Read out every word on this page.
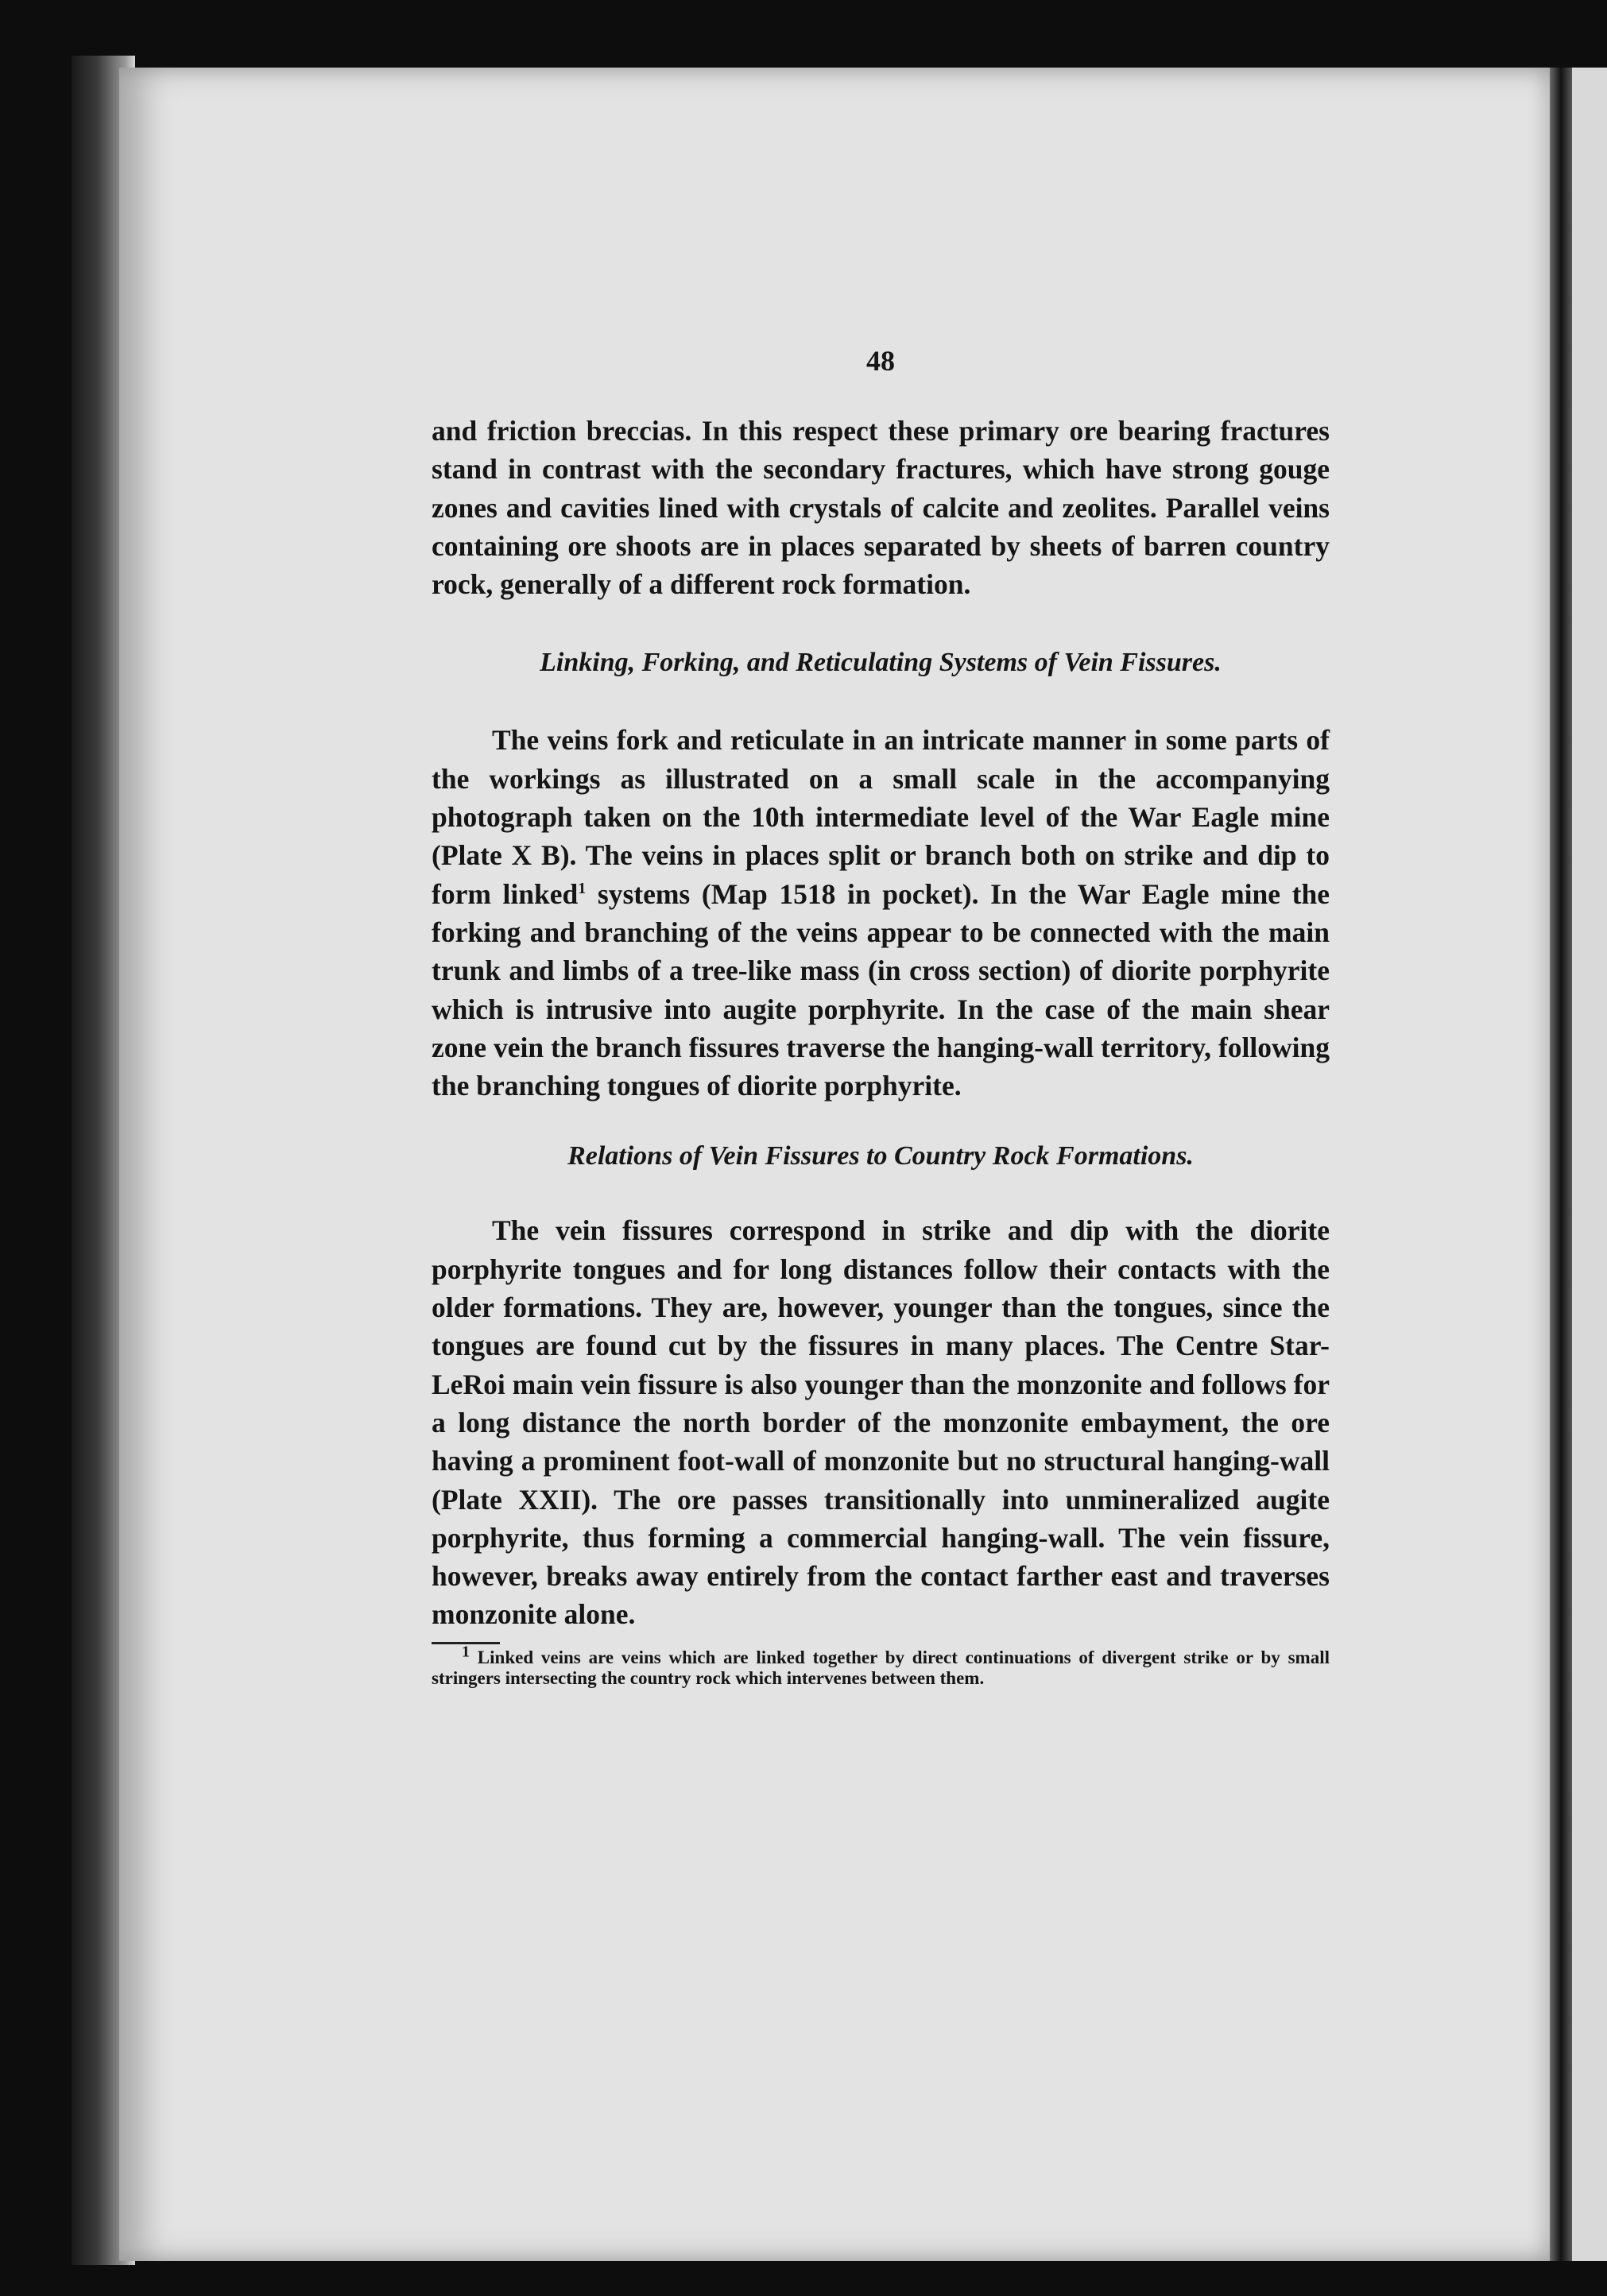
48

and friction breccias. In this respect these primary ore bearing fractures stand in contrast with the secondary fractures, which have strong gouge zones and cavities lined with crystals of calcite and zeolites. Parallel veins containing ore shoots are in places separated by sheets of barren country rock, generally of a different rock formation.

Linking, Forking, and Reticulating Systems of Vein Fissures.

The veins fork and reticulate in an intricate manner in some parts of the workings as illustrated on a small scale in the accompanying photograph taken on the 10th intermediate level of the War Eagle mine (Plate X B). The veins in places split or branch both on strike and dip to form linked$^1$ systems (Map 1518 in pocket). In the War Eagle mine the forking and branching of the veins appear to be connected with the main trunk and limbs of a tree-like mass (in cross section) of diorite porphyrite which is intrusive into augite porphyrite. In the case of the main shear zone vein the branch fissures traverse the hanging-wall territory, following the branching tongues of diorite porphyrite.

Relations of Vein Fissures to Country Rock Formations.

The vein fissures correspond in strike and dip with the diorite porphyrite tongues and for long distances follow their contacts with the older formations. They are, however, younger than the tongues, since the tongues are found cut by the fissures in many places. The Centre Star-LeRoi main vein fissure is also younger than the monzonite and follows for a long distance the north border of the monzonite embayment, the ore having a prominent foot-wall of monzonite but no structural hanging-wall (Plate XXII). The ore passes transitionally into unmineralized augite porphyrite, thus forming a commercial hanging-wall. The vein fissure, however, breaks away entirely from the contact farther east and traverses monzonite alone.

$^1$ Linked veins are veins which are linked together by direct continuations of divergent strike or by small stringers intersecting the country rock which intervenes between them.
